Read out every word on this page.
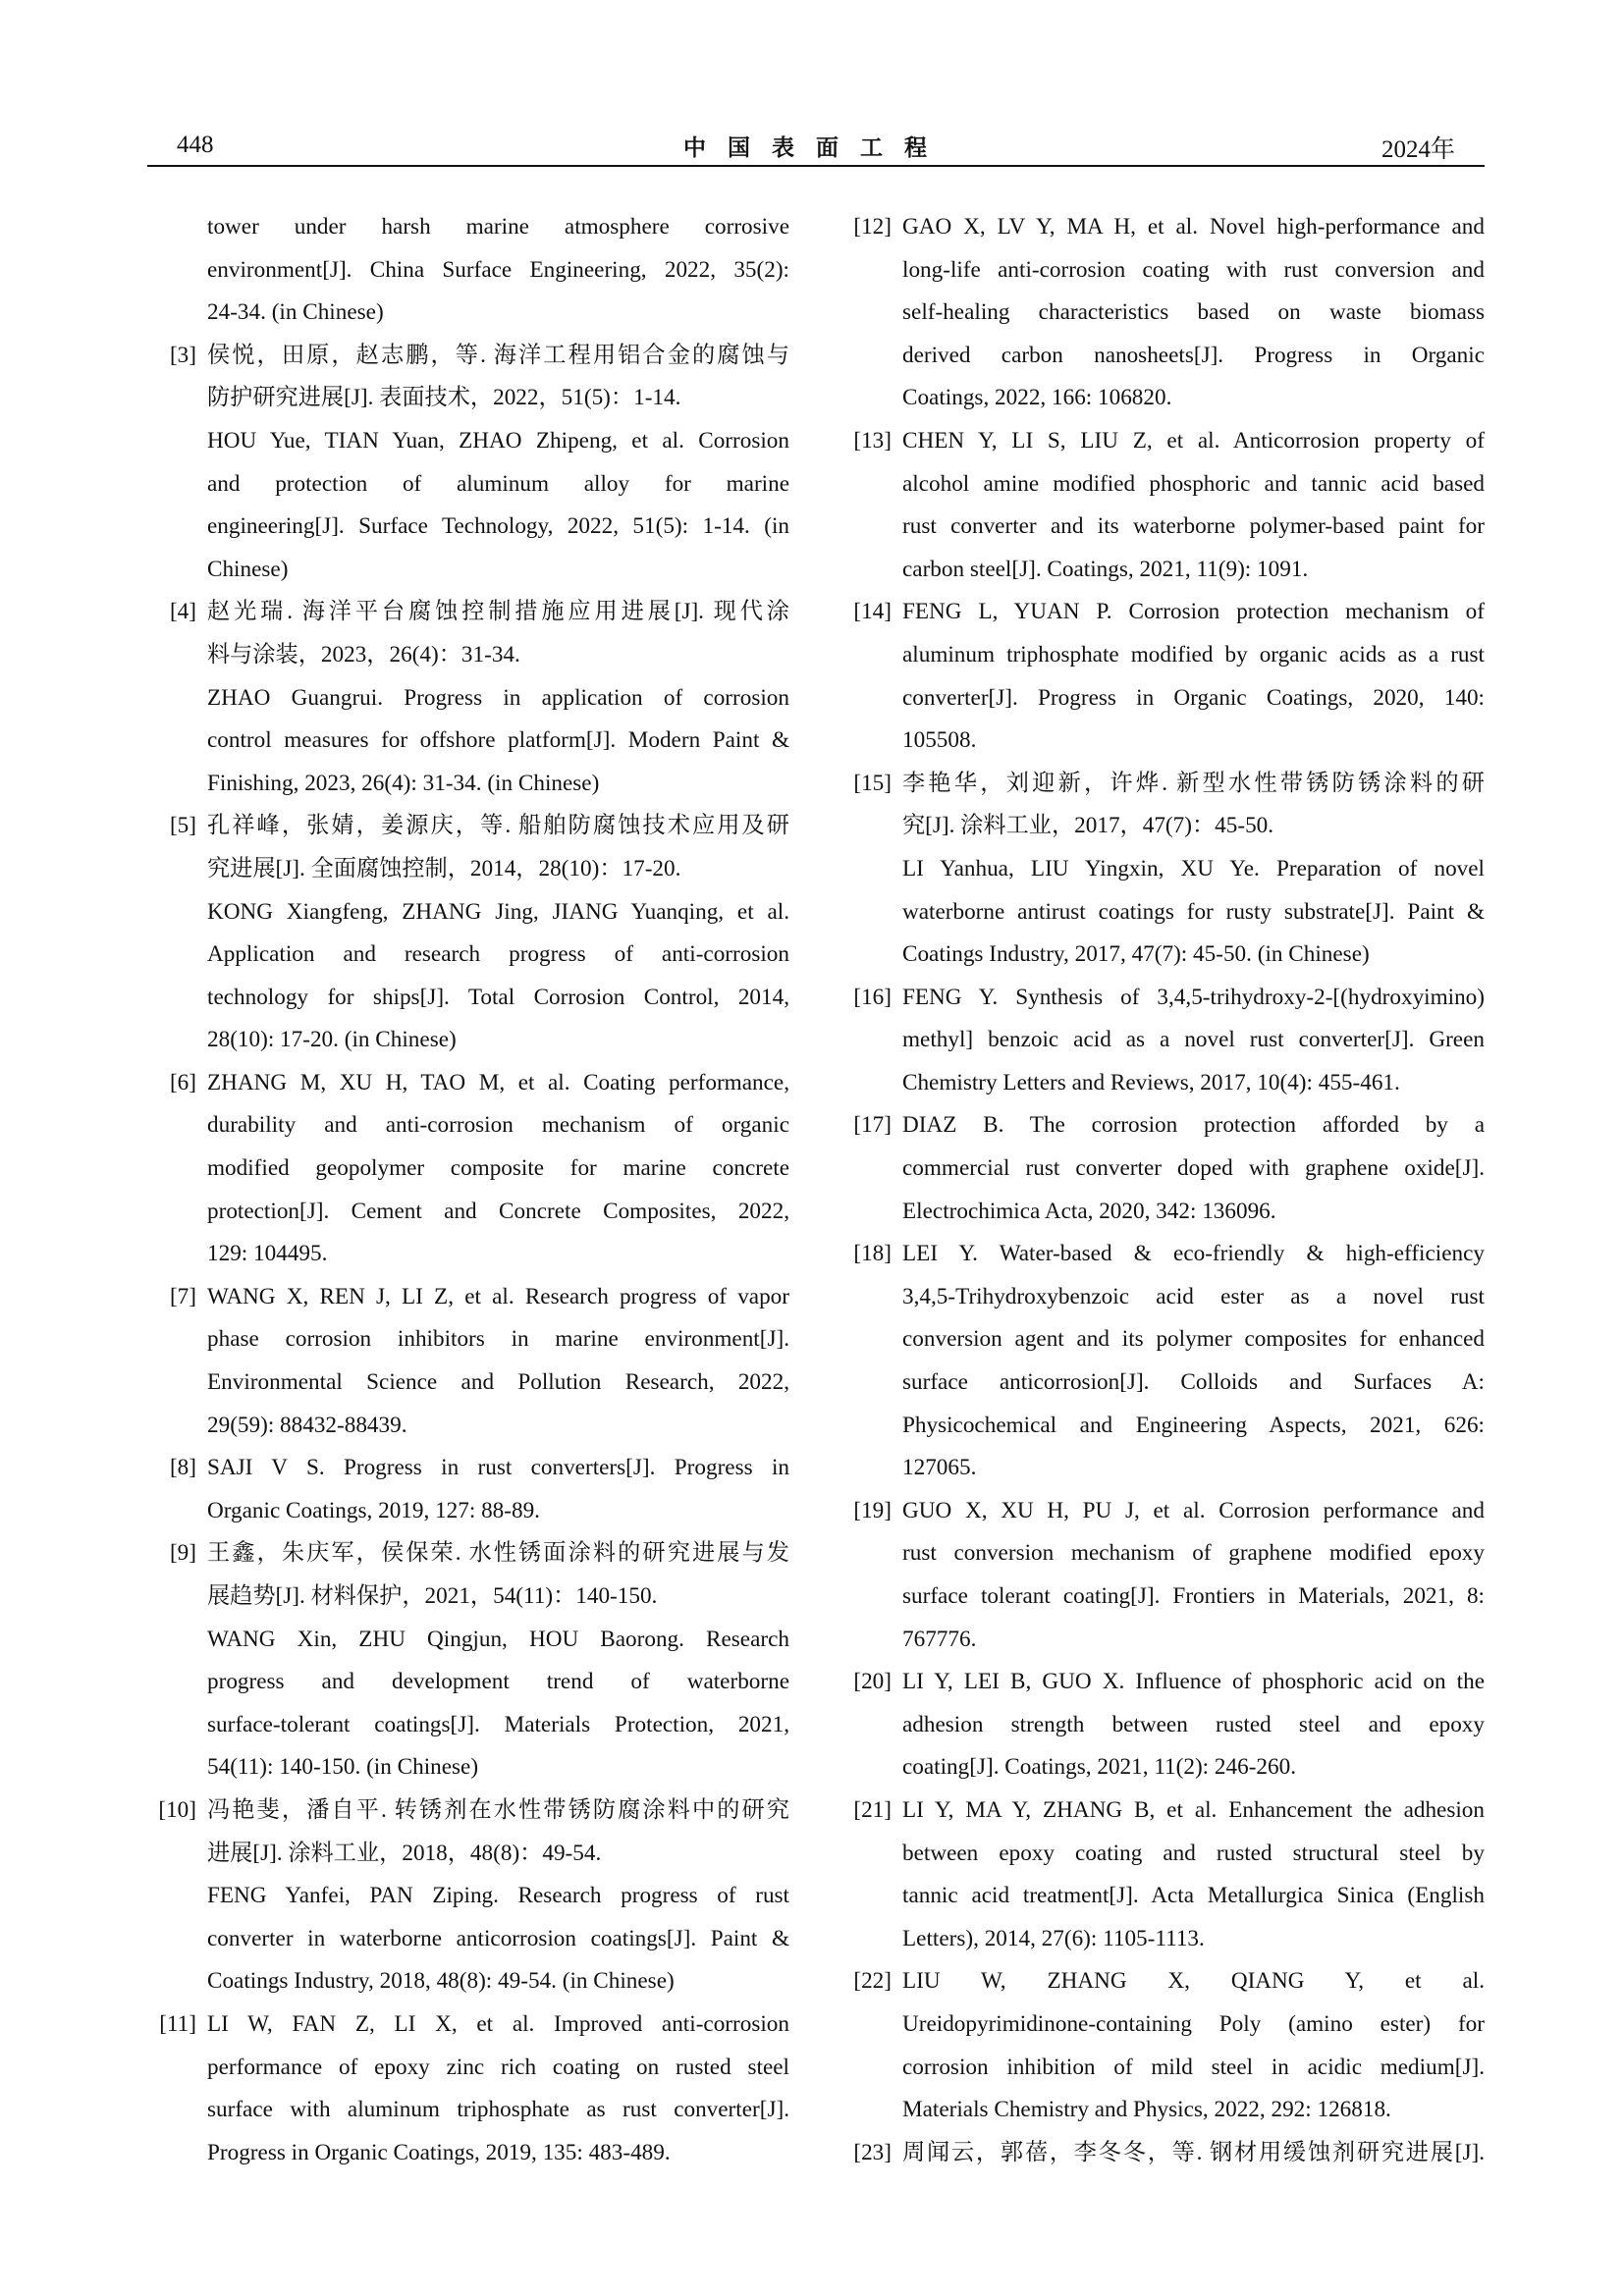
448	中国表面工程	2024年
tower under harsh marine atmosphere corrosive
environment[J]. China Surface Engineering, 2022, 35(2):
24-34. (in Chinese)
[3] 侯悦，田原，赵志鹏，等. 海洋工程用铝合金的腐蚀与
防护研究进展[J]. 表面技术，2022，51(5)：1-14.
HOU Yue, TIAN Yuan, ZHAO Zhipeng, et al. Corrosion
and protection of aluminum alloy for marine
engineering[J]. Surface Technology, 2022, 51(5): 1-14. (in
Chinese)
[4] 赵光瑞. 海洋平台腐蚀控制措施应用进展[J]. 现代涂
料与涂装，2023，26(4)：31-34.
ZHAO Guangrui. Progress in application of corrosion
control measures for offshore platform[J]. Modern Paint &
Finishing, 2023, 26(4): 31-34. (in Chinese)
[5] 孔祥峰，张婧，姜源庆，等. 船舶防腐蚀技术应用及研
究进展[J]. 全面腐蚀控制，2014，28(10)：17-20.
KONG Xiangfeng, ZHANG Jing, JIANG Yuanqing, et al.
Application and research progress of anti-corrosion
technology for ships[J]. Total Corrosion Control, 2014,
28(10): 17-20. (in Chinese)
[6] ZHANG M, XU H, TAO M, et al. Coating performance,
durability and anti-corrosion mechanism of organic
modified geopolymer composite for marine concrete
protection[J]. Cement and Concrete Composites, 2022,
129: 104495.
[7] WANG X, REN J, LI Z, et al. Research progress of vapor
phase corrosion inhibitors in marine environment[J].
Environmental Science and Pollution Research, 2022,
29(59): 88432-88439.
[8] SAJI V S. Progress in rust converters[J]. Progress in
Organic Coatings, 2019, 127: 88-89.
[9] 王鑫，朱庆军，侯保荣. 水性锈面涂料的研究进展与发
展趋势[J]. 材料保护，2021，54(11)：140-150.
WANG Xin, ZHU Qingjun, HOU Baorong. Research
progress and development trend of waterborne
surface-tolerant coatings[J]. Materials Protection, 2021,
54(11): 140-150. (in Chinese)
[10] 冯艳斐，潘自平. 转锈剂在水性带锈防腐涂料中的研究
进展[J]. 涂料工业，2018，48(8)：49-54.
FENG Yanfei, PAN Ziping. Research progress of rust
converter in waterborne anticorrosion coatings[J]. Paint &
Coatings Industry, 2018, 48(8): 49-54. (in Chinese)
[11] LI W, FAN Z, LI X, et al. Improved anti-corrosion
performance of epoxy zinc rich coating on rusted steel
surface with aluminum triphosphate as rust converter[J].
Progress in Organic Coatings, 2019, 135: 483-489.
[12] GAO X, LV Y, MA H, et al. Novel high-performance and
long-life anti-corrosion coating with rust conversion and
self-healing characteristics based on waste biomass
derived carbon nanosheets[J]. Progress in Organic
Coatings, 2022, 166: 106820.
[13] CHEN Y, LI S, LIU Z, et al. Anticorrosion property of
alcohol amine modified phosphoric and tannic acid based
rust converter and its waterborne polymer-based paint for
carbon steel[J]. Coatings, 2021, 11(9): 1091.
[14] FENG L, YUAN P. Corrosion protection mechanism of
aluminum triphosphate modified by organic acids as a rust
converter[J]. Progress in Organic Coatings, 2020, 140:
105508.
[15] 李艳华，刘迎新，许烨. 新型水性带锈防锈涂料的研
究[J]. 涂料工业，2017，47(7)：45-50.
LI Yanhua, LIU Yingxin, XU Ye. Preparation of novel
waterborne antirust coatings for rusty substrate[J]. Paint &
Coatings Industry, 2017, 47(7): 45-50. (in Chinese)
[16] FENG Y. Synthesis of 3,4,5-trihydroxy-2-[(hydroxyimino)
methyl] benzoic acid as a novel rust converter[J]. Green
Chemistry Letters and Reviews, 2017, 10(4): 455-461.
[17] DIAZ B. The corrosion protection afforded by a
commercial rust converter doped with graphene oxide[J].
Electrochimica Acta, 2020, 342: 136096.
[18] LEI Y. Water-based & eco-friendly & high-efficiency
3,4,5-Trihydroxybenzoic acid ester as a novel rust
conversion agent and its polymer composites for enhanced
surface anticorrosion[J]. Colloids and Surfaces A:
Physicochemical and Engineering Aspects, 2021, 626:
127065.
[19] GUO X, XU H, PU J, et al. Corrosion performance and
rust conversion mechanism of graphene modified epoxy
surface tolerant coating[J]. Frontiers in Materials, 2021, 8:
767776.
[20] LI Y, LEI B, GUO X. Influence of phosphoric acid on the
adhesion strength between rusted steel and epoxy
coating[J]. Coatings, 2021, 11(2): 246-260.
[21] LI Y, MA Y, ZHANG B, et al. Enhancement the adhesion
between epoxy coating and rusted structural steel by
tannic acid treatment[J]. Acta Metallurgica Sinica (English
Letters), 2014, 27(6): 1105-1113.
[22] LIU W, ZHANG X, QIANG Y, et al.
Ureidopyrimidinone-containing Poly (amino ester) for
corrosion inhibition of mild steel in acidic medium[J].
Materials Chemistry and Physics, 2022, 292: 126818.
[23] 周闻云，郭蓓，李冬冬，等. 钢材用缓蚀剂研究进展[J].
